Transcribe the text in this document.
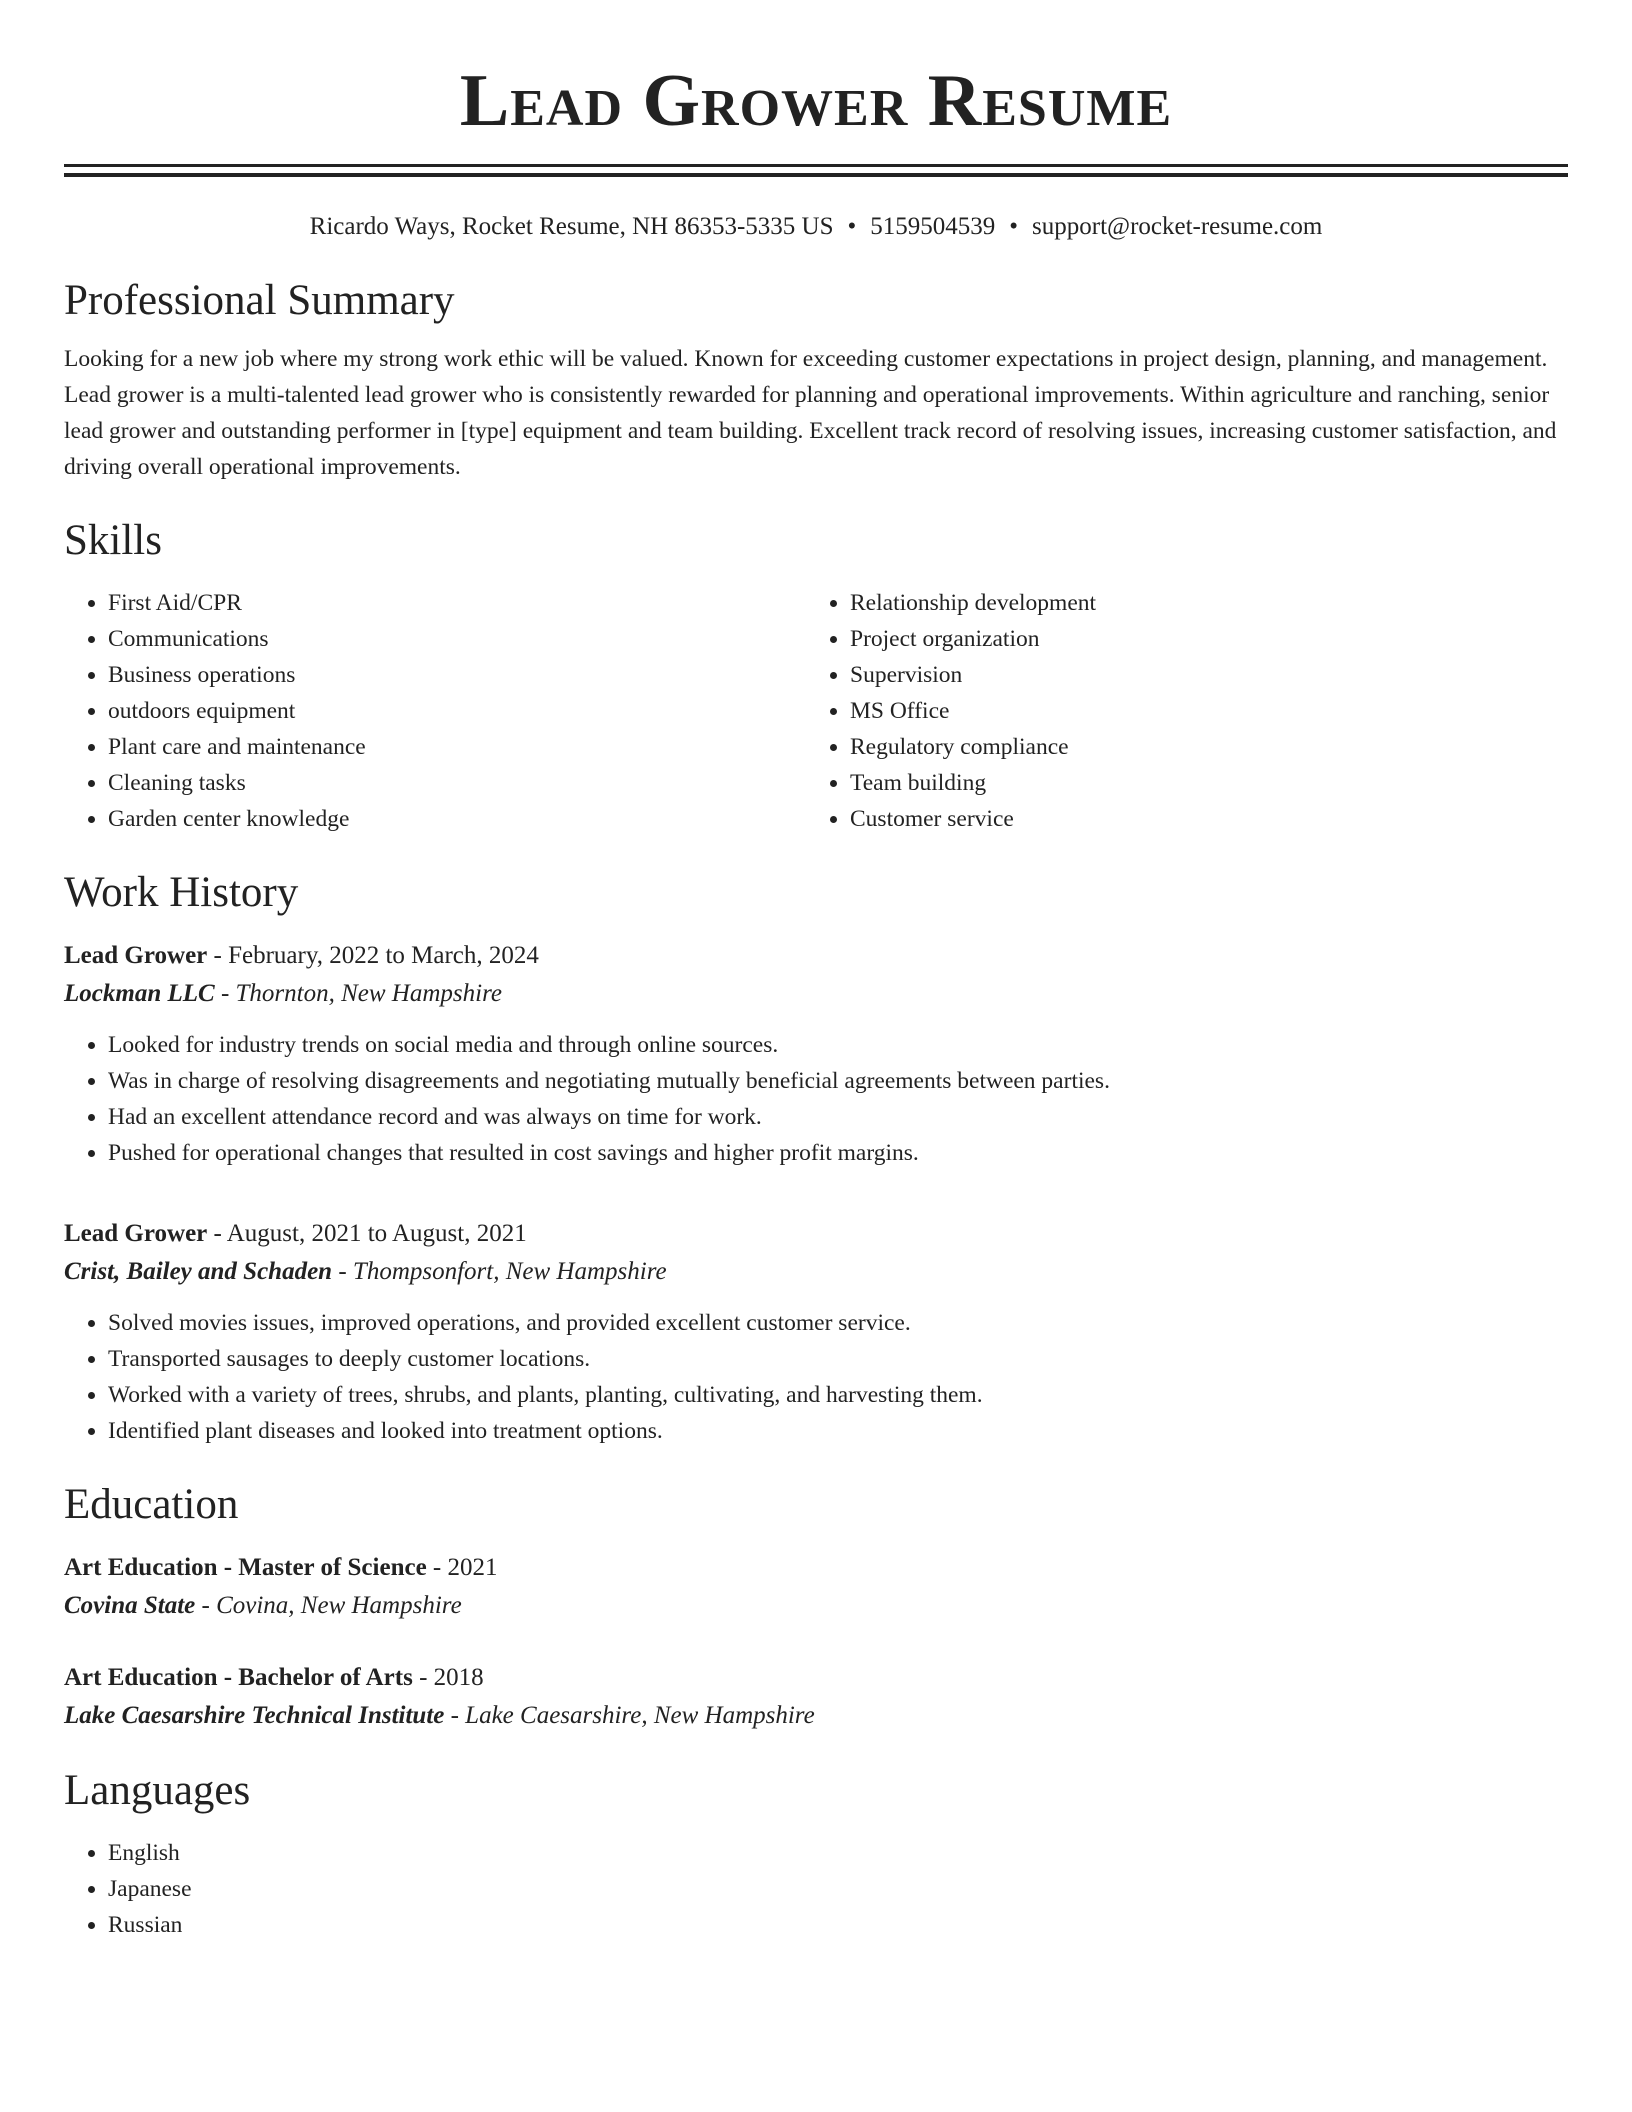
Lead Grower Resume
Ricardo Ways, Rocket Resume, NH 86353-5335 US • 5159504539 • support@rocket-resume.com
Professional Summary

Looking for a new job where my strong work ethic will be valued. Known for exceeding customer expectations in project design, planning, and management. Lead grower is a multi-talented lead grower who is consistently rewarded for planning and operational improvements. Within agriculture and ranching, senior lead grower and outstanding performer in [type] equipment and team building. Excellent track record of resolving issues, increasing customer satisfaction, and driving overall operational improvements.

Skills
• First Aid/CPR
• Communications
• Business operations
• outdoors equipment
• Plant care and maintenance
• Cleaning tasks
• Garden center knowledge
• Relationship development
• Project organization
• Supervision
• MS Office
• Regulatory compliance
• Team building
• Customer service
Work History
Lead Grower - February, 2022 to March, 2024
Lockman LLC - Thornton, New Hampshire
• Looked for industry trends on social media and through online sources.
• Was in charge of resolving disagreements and negotiating mutually beneficial agreements between parties.
• Had an excellent attendance record and was always on time for work.
• Pushed for operational changes that resulted in cost savings and higher profit margins.
Lead Grower - August, 2021 to August, 2021
Crist, Bailey and Schaden - Thompsonfort, New Hampshire
• Solved movies issues, improved operations, and provided excellent customer service.
• Transported sausages to deeply customer locations.
• Worked with a variety of trees, shrubs, and plants, planting, cultivating, and harvesting them.
• Identified plant diseases and looked into treatment options.
Education
Art Education - Master of Science - 2021
Covina State - Covina, New Hampshire
Art Education - Bachelor of Arts - 2018
Lake Caesarshire Technical Institute - Lake Caesarshire, New Hampshire
Languages
• English
• Japanese
• Russian
